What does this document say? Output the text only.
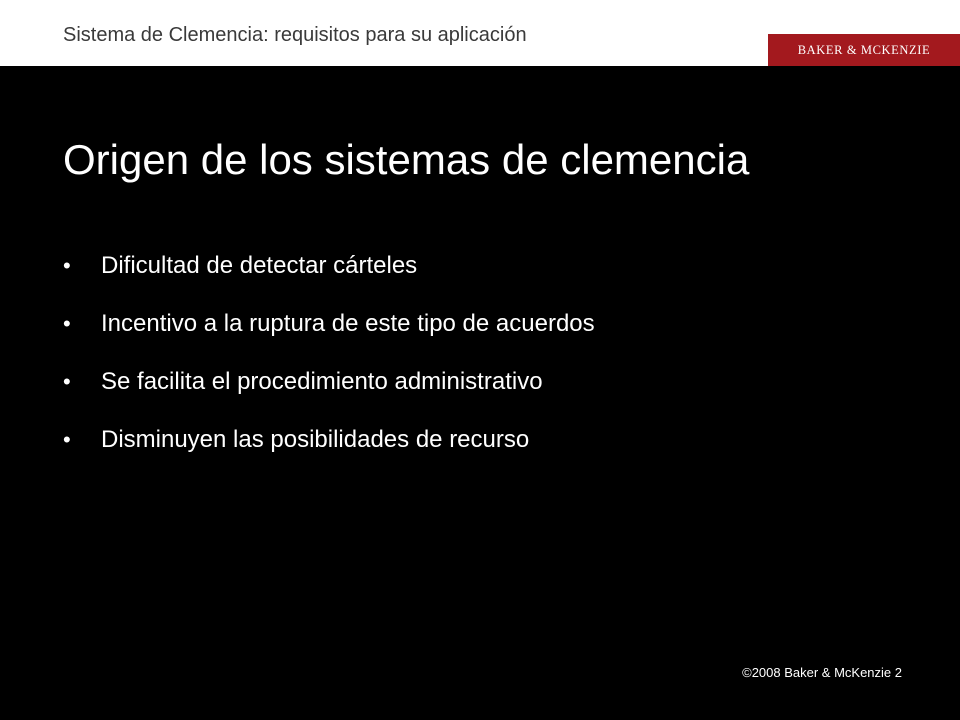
Sistema de Clemencia: requisitos para su aplicación
BAKER & MCKENZIE
Origen de los sistemas de clemencia
•	Dificultad de detectar cárteles
•	Incentivo a la ruptura de este tipo de acuerdos
•	Se facilita el procedimiento administrativo
•	Disminuyen las posibilidades de recurso
©2008 Baker & McKenzie 2
